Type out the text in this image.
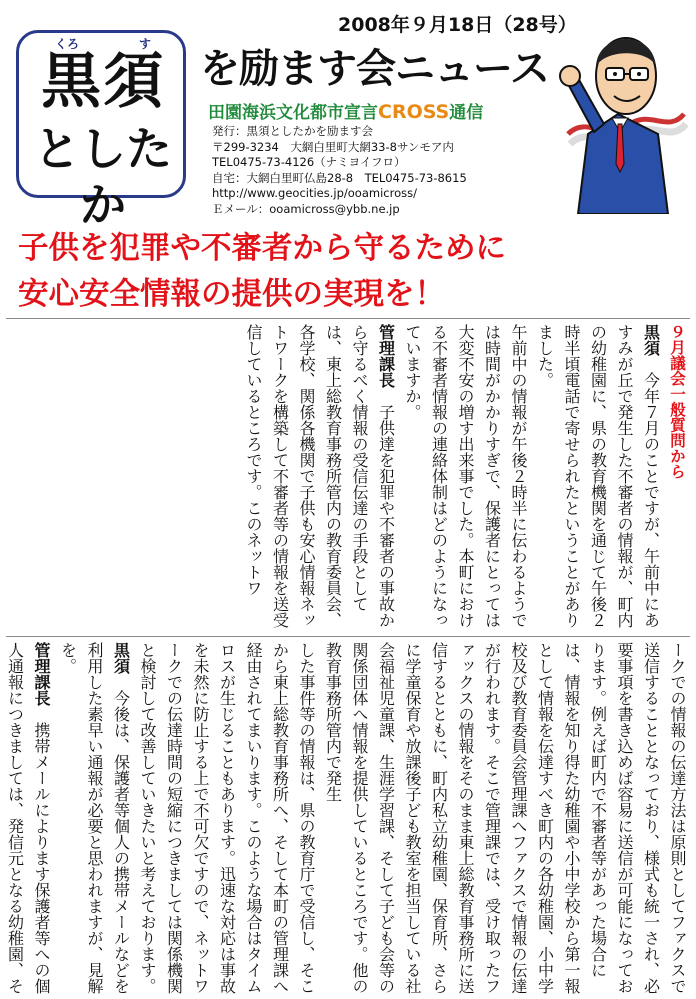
2008年９月18日（28号）
くろ	す
黒須
としたか
を励ます会ニュース
田園海浜文化都市宣言CROSS通信
発行：黒須としたかを励ます会
〒299-3234　大網白里町大網33-8サンモア内
TEL0475-73-4126（ナミヨイフロ）
自宅：大網白里町仏島28-8　TEL0475-73-8615
http://www.geocities.jp/ooamicross/
Ｅメール：ooamicross@ybb.ne.jp
子供を犯罪や不審者から守るために
安心安全情報の提供の実現を！
９月議会一般質問から

黒須　今年７月のことですが、午前中にあすみが丘で発生した不審者の情報が、町内の幼稚園に、県の教育機関を通じて午後２時半頃電話で寄せられたということがありました。

午前中の情報が午後２時半に伝わるようでは時間がかかりすぎで、保護者にとっては大変不安の増す出来事でした。本町における不審者情報の連絡体制はどのようになっていますか。

管理課長　子供達を犯罪や不審者の事故から守るべく情報の受信伝達の手段としては、東上総教育事務所管内の教育委員会、各学校、関係各機関で子供も安心情報ネットワークを構築して不審者等の情報を送受信しているところです。このネットワ

ークでの情報の伝達方法は原則としてファクスで送信することとなっており、様式も統一され、必要事項を書き込めば容易に送信が可能になっております。例えば町内で不審者等があった場合には、情報を知り得た幼稚園や小中学校から第一報として情報を伝達すべき町内の各幼稚園、小中学校及び教育委員会管理課へファクスで情報の伝達が行われます。そこで管理課では、受け取ったファックスの情報をそのまま東上総教育事務所に送信するとともに、町内私立幼稚園、保育所、さらに学童保育や放課後子ども教室を担当している社会福祉児童課、生涯学習課、そして子ども会等の関係団体へ情報を提供しているところです。他の教育事務所管内で発生

した事件等の情報は、県の教育庁で受信し、そこから東上総教育事務所へ、そして本町の管理課へ経由されてまいります。このような場合はタイムロスが生じることもあります。迅速な対応は事故を未然に防止する上で不可欠ですので、ネットワークでの伝達時間の短縮につきましては関係機関と検討して改善していきたいと考えております。

黒須　今後は、保護者等個人の携帯メールなどを利用した素早い通報が必要と思われますが、見解を。

管理課長　携帯メールによります保護者等への個人通報につきましては、発信元となる幼稚園、そ
